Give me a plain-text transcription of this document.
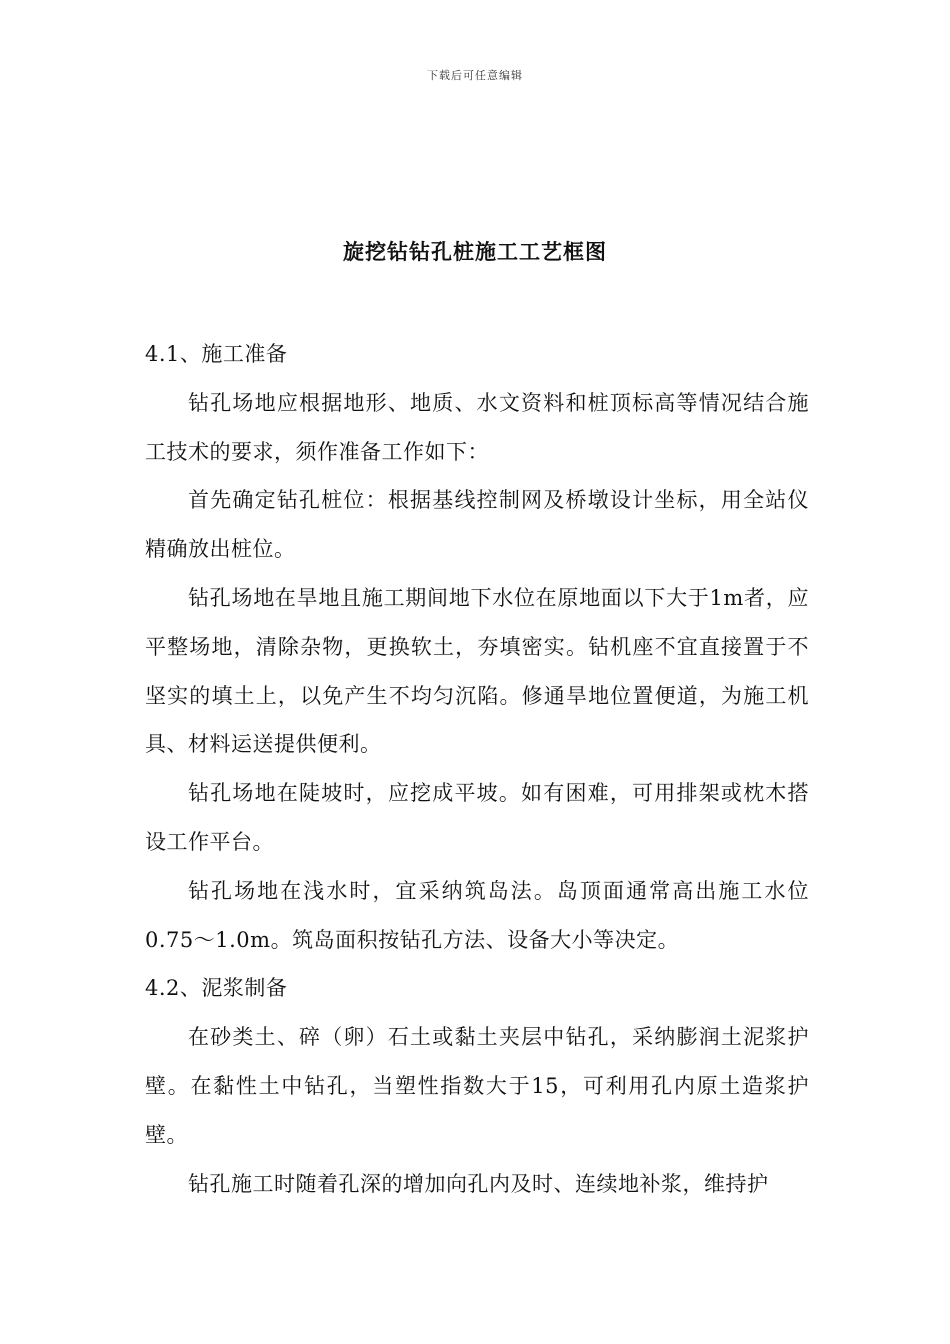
下载后可任意编辑
旋挖钻钻孔桩施工工艺框图

4.1、施工准备

钻孔场地应根据地形、地质、水文资料和桩顶标高等情况结合施工技术的要求，须作准备工作如下：

首先确定钻孔桩位：根据基线控制网及桥墩设计坐标，用全站仪精确放出桩位。

钻孔场地在旱地且施工期间地下水位在原地面以下大于1m者，应平整场地，清除杂物，更换软土，夯填密实。钻机座不宜直接置于不坚实的填土上，以免产生不均匀沉陷。修通旱地位置便道，为施工机具、材料运送提供便利。

钻孔场地在陡坡时，应挖成平坡。如有困难，可用排架或枕木搭设工作平台。

钻孔场地在浅水时，宜采纳筑岛法。岛顶面通常高出施工水位0.75～1.0m。筑岛面积按钻孔方法、设备大小等决定。

4.2、泥浆制备

在砂类土、碎（卵）石土或黏土夹层中钻孔，采纳膨润土泥浆护壁。在黏性土中钻孔，当塑性指数大于15，可利用孔内原土造浆护壁。

钻孔施工时随着孔深的增加向孔内及时、连续地补浆，维持护
